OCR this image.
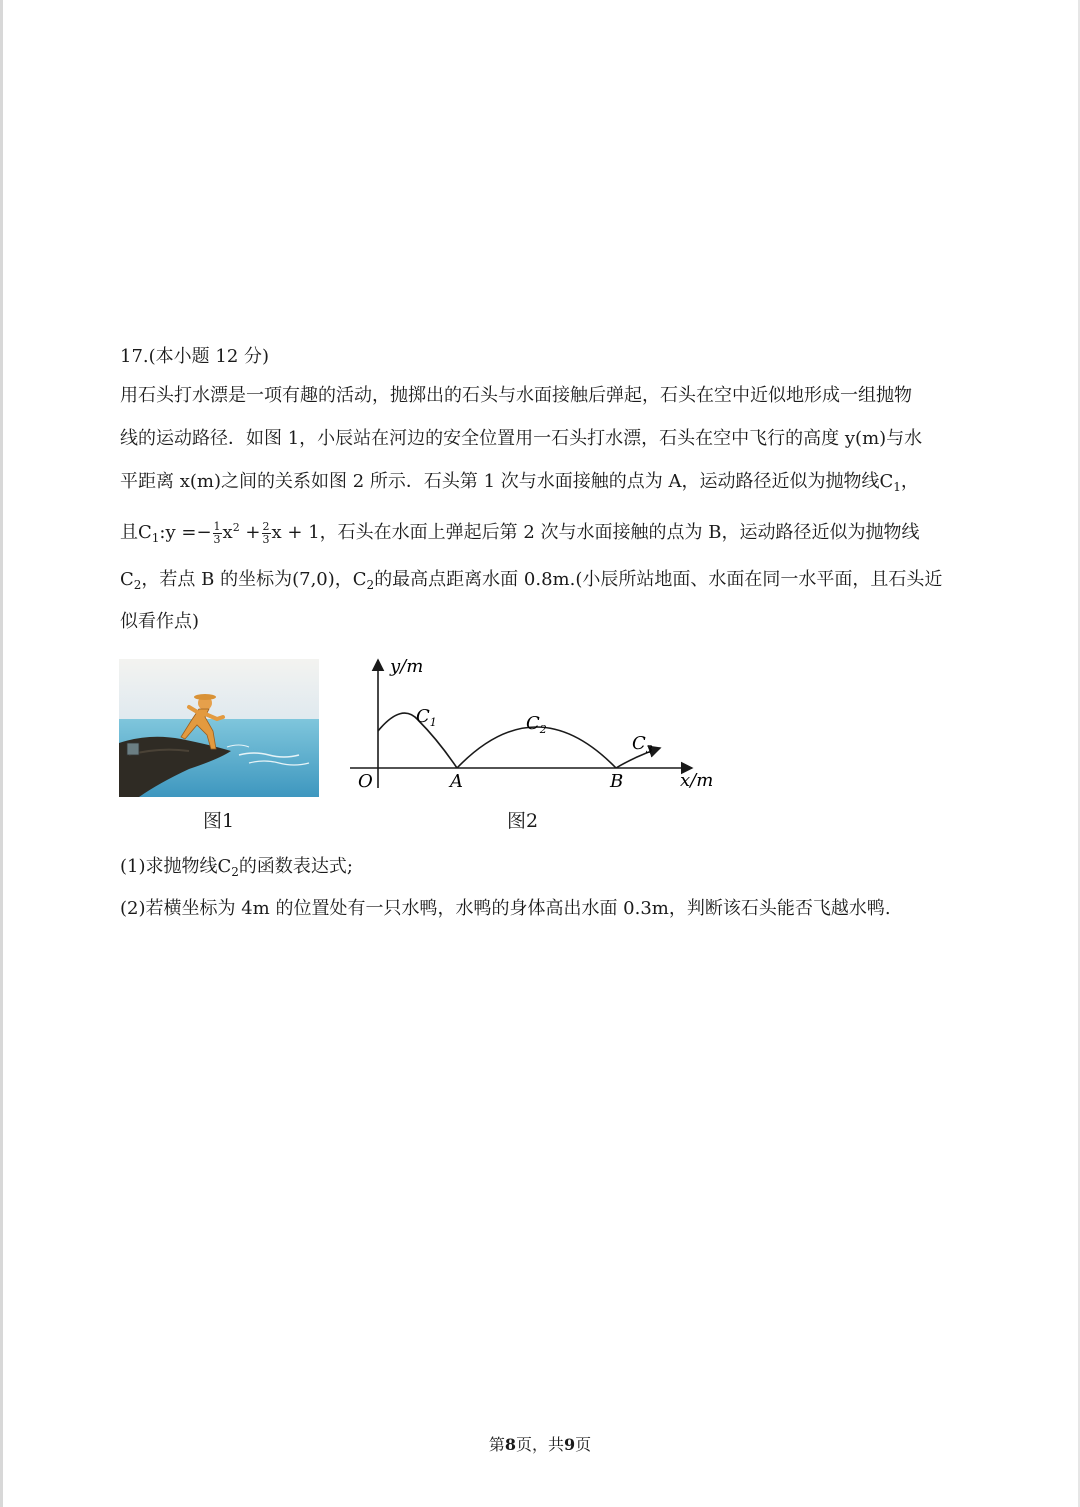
17.(本小题 12 分)
用石头打水漂是一项有趣的活动，抛掷出的石头与水面接触后弹起，石头在空中近似地形成一组抛物
线的运动路径．如图 1，小辰站在河边的安全位置用一石头打水漂，石头在空中飞行的高度 y(m)与水
平距离 x(m)之间的关系如图 2 所示．石头第 1 次与水面接触的点为 A，运动路径近似为抛物线$C_1$，
且$C_1:y =- \frac{1}{3} x^2 + \frac{2}{3}$ x + 1，石头在水面上弹起后第 2 次与水面接触的点为 B，运动路径近似为抛物线
$C_2$，若点 B 的坐标为(7,0)，$C_2$的最高点距离水面 0.8m.(小辰所站地面、水面在同一水平面，且石头近
似看作点)
图1
y/m
x/m
O	A	B
$C_1$	$C_2$
$C_3$
图2
(1)求抛物线$C_2$的函数表达式;
(2)若横坐标为 4m 的位置处有一只水鸭，水鸭的身体高出水面 0.3m，判断该石头能否飞越水鸭.
第8页，共9页
